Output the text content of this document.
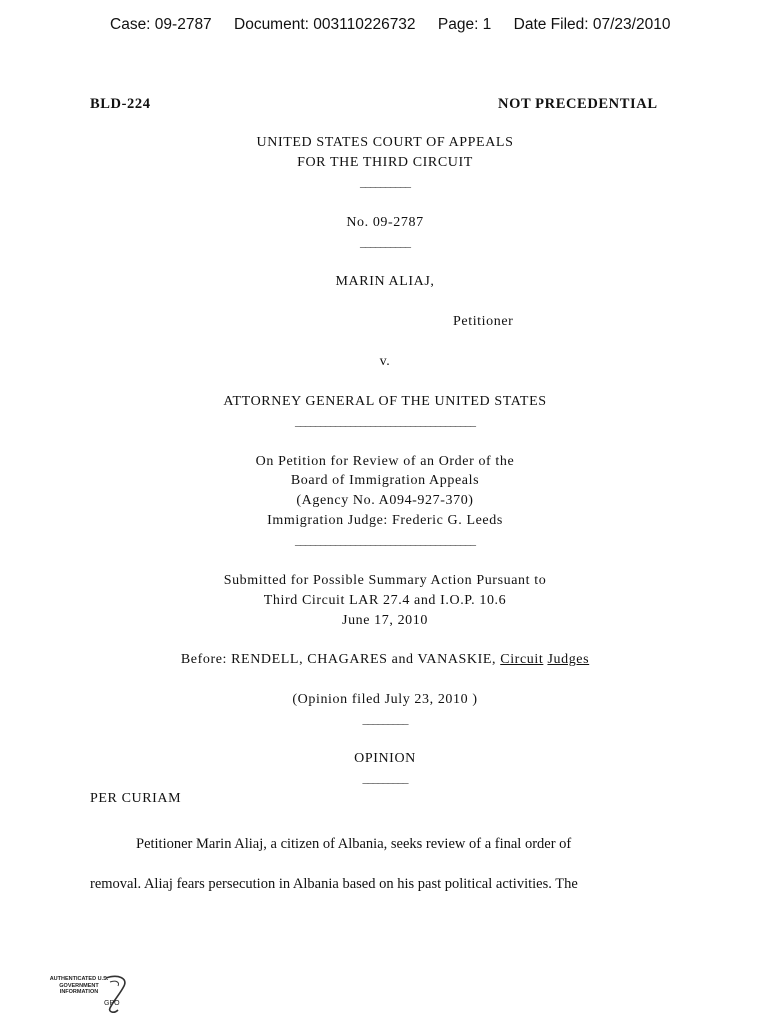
Case: 09-2787 Document: 003110226732 Page: 1 Date Filed: 07/23/2010
BLD-224	NOT PRECEDENTIAL
UNITED STATES COURT OF APPEALS
FOR THE THIRD CIRCUIT
__________
No. 09-2787
__________
MARIN ALIAJ,
Petitioner
v.
ATTORNEY GENERAL OF THE UNITED STATES
____________________________________
On Petition for Review of an Order of the
Board of Immigration Appeals
(Agency No. A094-927-370)
Immigration Judge: Frederic G. Leeds
____________________________________
Submitted for Possible Summary Action Pursuant to
Third Circuit LAR 27.4 and I.O.P. 10.6
June 17, 2010
Before: RENDELL, CHAGARES and VANASKIE, Circuit Judges
(Opinion filed July 23, 2010 )
_________
OPINION
_________
PER CURIAM
Petitioner Marin Aliaj, a citizen of Albania, seeks review of a final order of
removal. Aliaj fears persecution in Albania based on his past political activities. The
AUTHENTICATED U.S. GOVERNMENT INFORMATION
GPO
